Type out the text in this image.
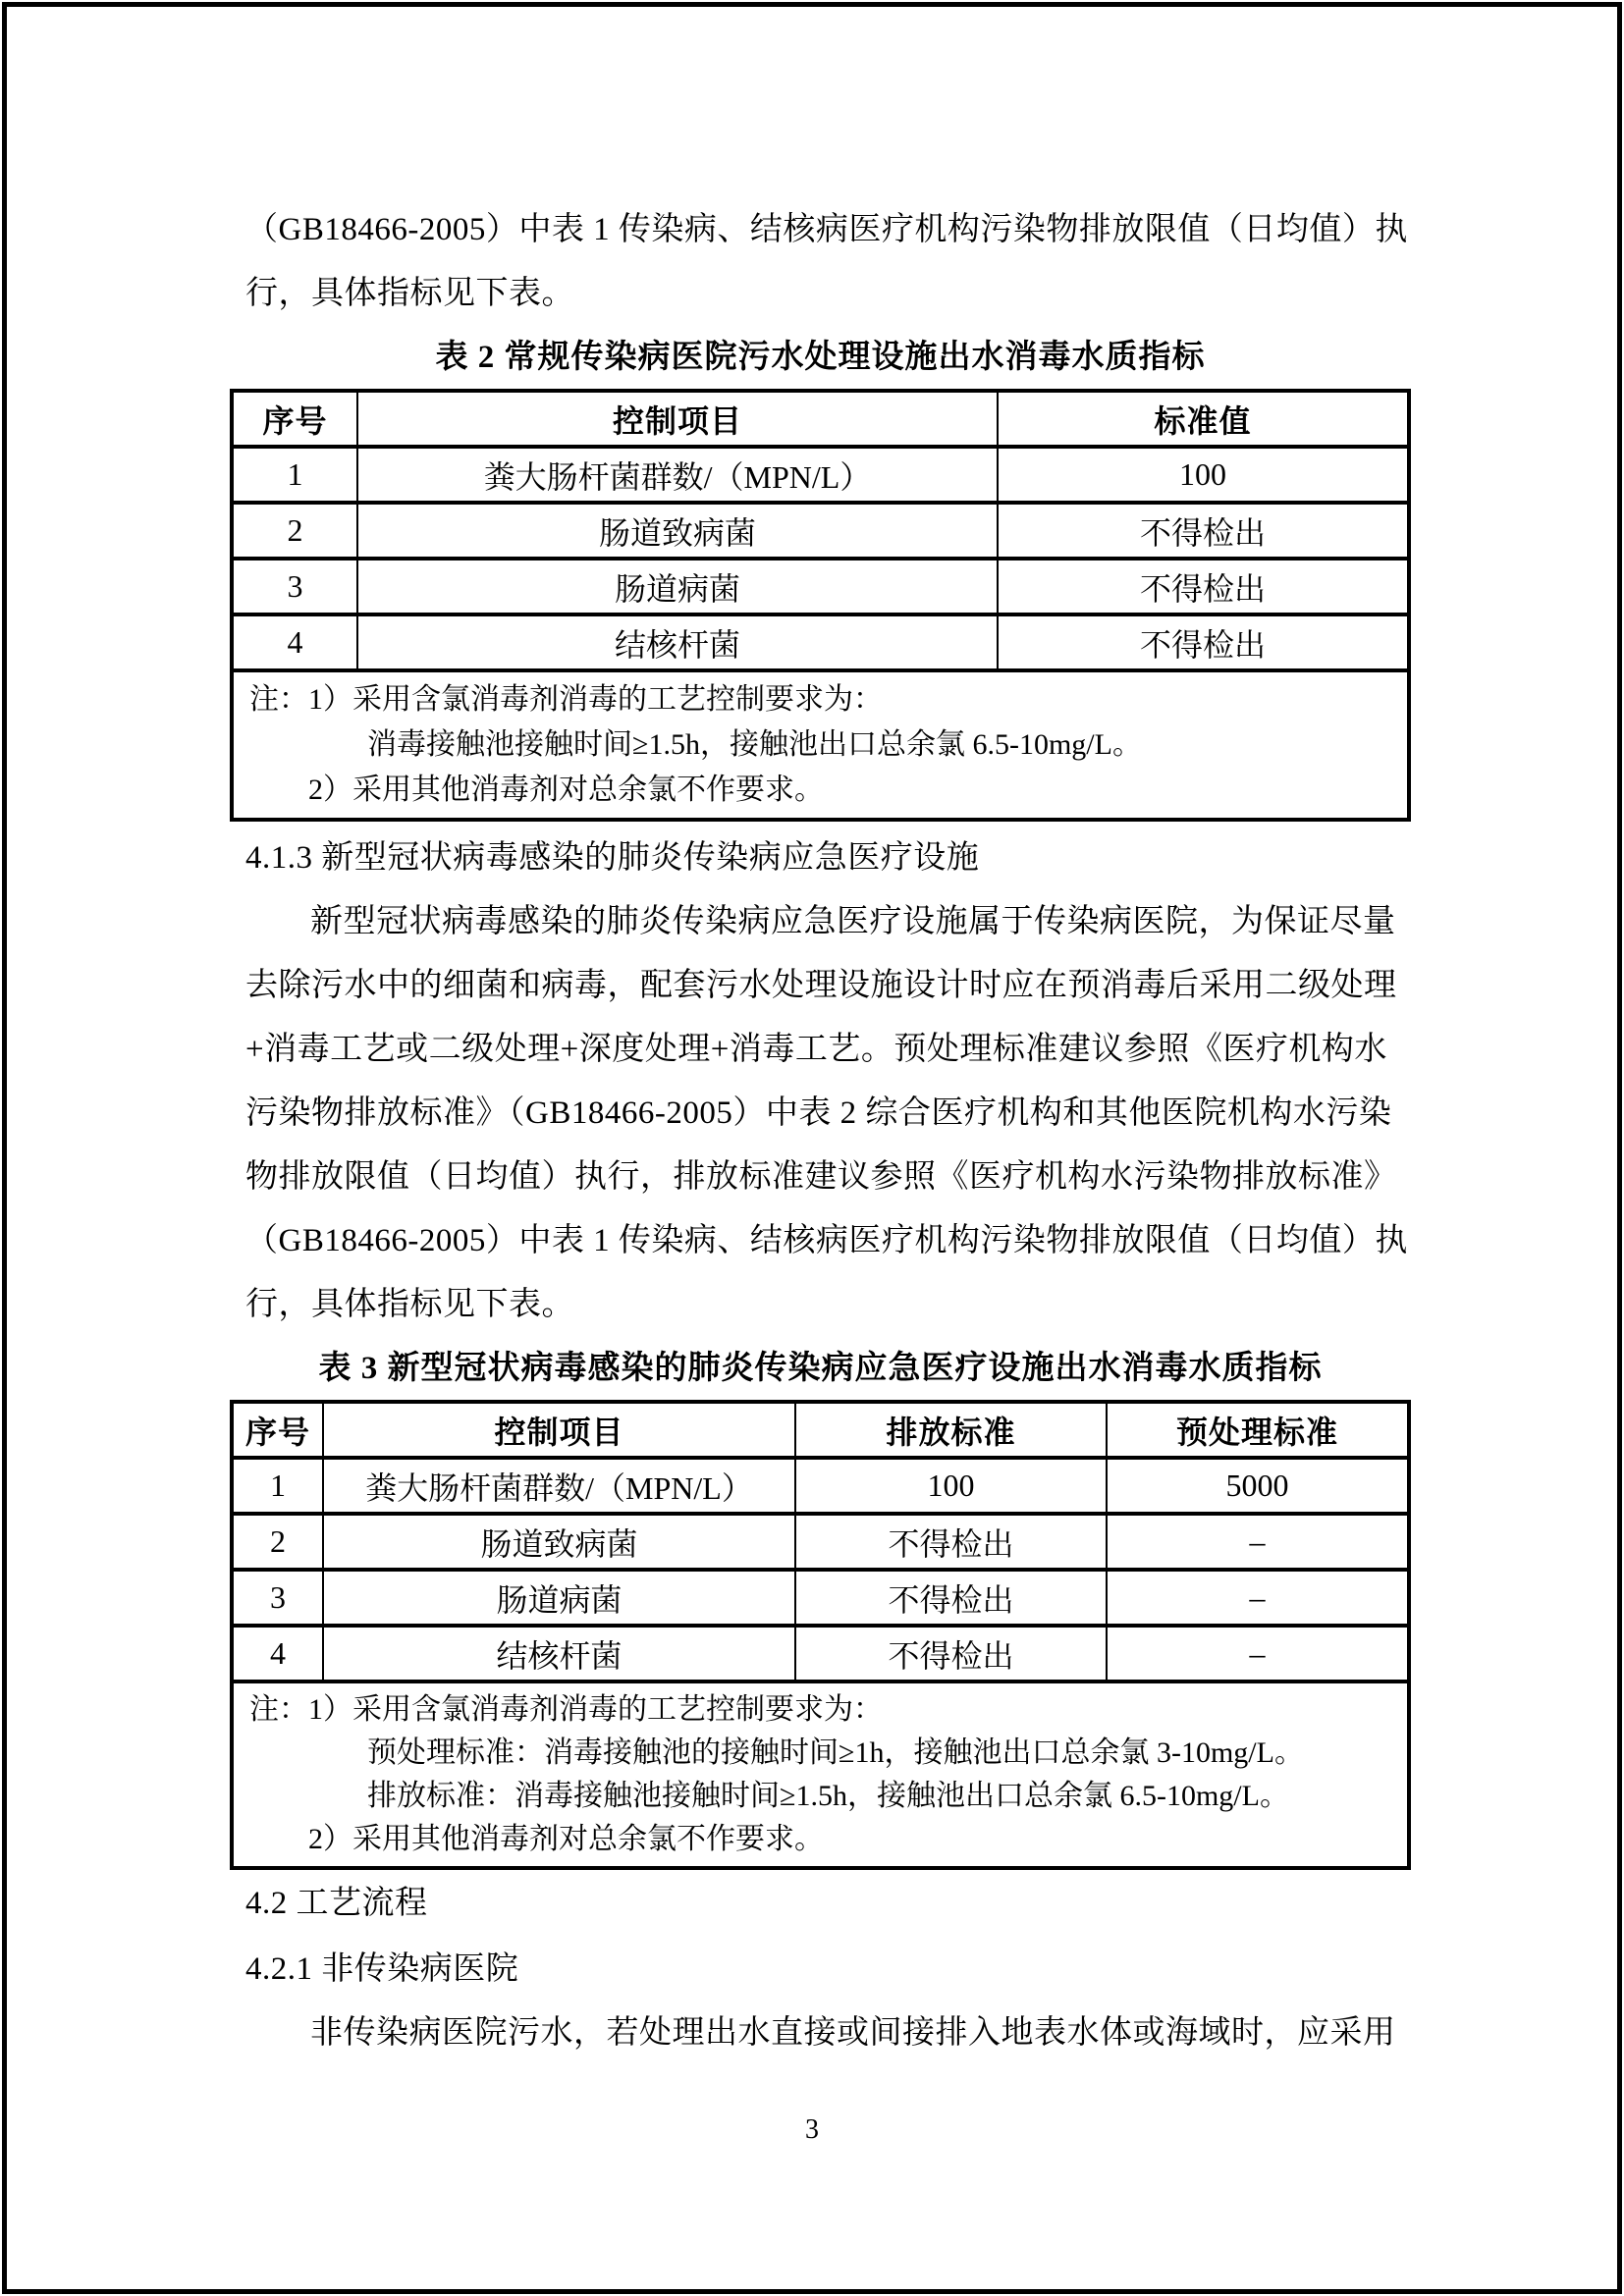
（GB18466-2005）中表 1 传染病、结核病医疗机构污染物排放限值（日均值）执
行，具体指标见下表。
表 2 常规传染病医院污水处理设施出水消毒水质指标
序号	控制项目	标准值
1	粪大肠杆菌群数/（MPN/L）	100
2	肠道致病菌	不得检出
3	肠道病菌	不得检出
4	结核杆菌	不得检出

注：1）采用含氯消毒剂消毒的工艺控制要求为：
消毒接触池接触时间≥1.5h，接触池出口总余氯 6.5-10mg/L。
2）采用其他消毒剂对总余氯不作要求。		
4.1.3 新型冠状病毒感染的肺炎传染病应急医疗设施
新型冠状病毒感染的肺炎传染病应急医疗设施属于传染病医院，为保证尽量
去除污水中的细菌和病毒，配套污水处理设施设计时应在预消毒后采用二级处理
+消毒工艺或二级处理+深度处理+消毒工艺。预处理标准建议参照《医疗机构水
污染物排放标准》（GB18466-2005）中表 2 综合医疗机构和其他医院机构水污染
物排放限值（日均值）执行，排放标准建议参照《医疗机构水污染物排放标准》
（GB18466-2005）中表 1 传染病、结核病医疗机构污染物排放限值（日均值）执
行，具体指标见下表。
表 3 新型冠状病毒感染的肺炎传染病应急医疗设施出水消毒水质指标
序号	控制项目	排放标准	预处理标准
1	粪大肠杆菌群数/（MPN/L）	100	5000
2	肠道致病菌	不得检出	–
3	肠道病菌	不得检出	–
4	结核杆菌	不得检出	–

注：1）采用含氯消毒剂消毒的工艺控制要求为：
预处理标准：消毒接触池的接触时间≥1h，接触池出口总余氯 3-10mg/L。
排放标准：消毒接触池接触时间≥1.5h，接触池出口总余氯 6.5-10mg/L。
2）采用其他消毒剂对总余氯不作要求。			
4.2 工艺流程
4.2.1 非传染病医院
非传染病医院污水，若处理出水直接或间接排入地表水体或海域时，应采用
3
